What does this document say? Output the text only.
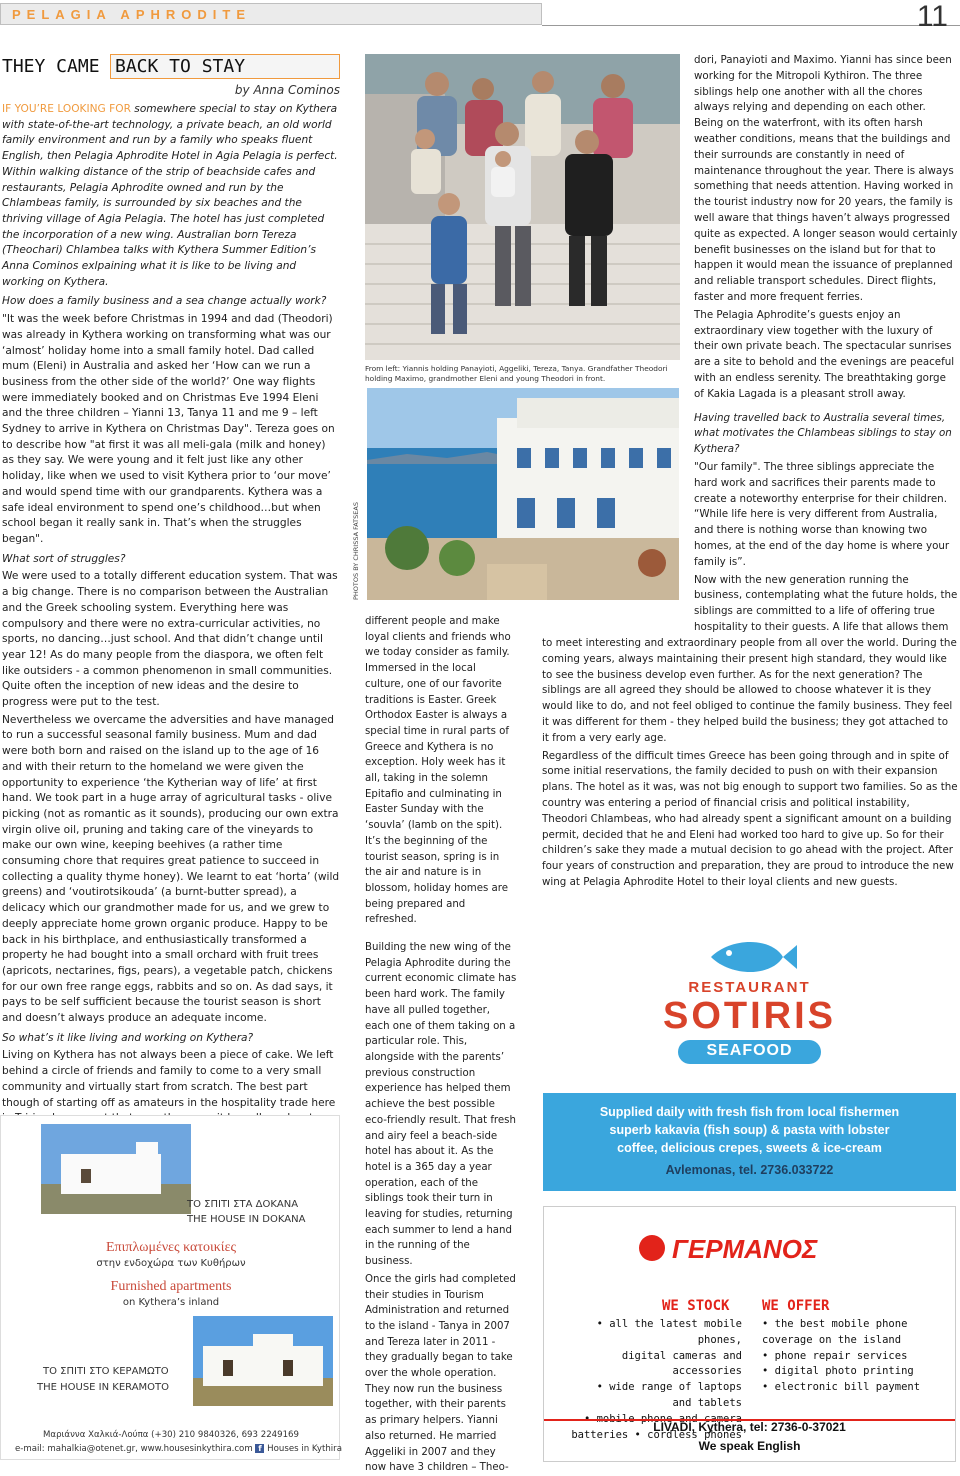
PELAGIA APHRODITE	11
THEY CAME BACK TO STAY
by Anna Cominos

IF YOU’RE LOOKING FOR somewhere special to stay on Kythera with state-of-the-art technology, a private beach, an old world family environment and run by a family who speaks fluent English, then Pelagia Aphrodite Hotel in Agia Pelagia is perfect. Within walking distance of the strip of beachside cafes and restaurants, Pelagia Aphrodite owned and run by the Chlambeas family, is surrounded by six beaches and the thriving village of Agia Pelagia. The hotel has just completed the incorporation of a new wing. Australian born Tereza (Theochari) Chlambea talks with Kythera Summer Edition’s Anna Cominos exlpaining what it is like to be living and working on Kythera.

How does a family business and a sea change actually work?

"It was the week before Christmas in 1994 and dad (Theodori) was already in Kythera working on transforming what was our ‘almost’ holiday home into a small family hotel. Dad called mum (Eleni) in Australia and asked her ‘How can we run a business from the other side of the world?’ One way flights were immediately booked and on Christmas Eve 1994 Eleni and the three children – Yianni 13, Tanya 11 and me 9 – left Sydney to arrive in Kythera on Christmas Day". Tereza goes on to describe how "at first it was all meli-gala (milk and honey) as they say. We were young and it felt just like any other holiday, like when we used to visit Kythera prior to ‘our move’ and would spend time with our grandparents. Kythera was a safe ideal environment to spend one’s childhood…but when school began it really sank in. That’s when the struggles began".

What sort of struggles?

We were used to a totally different education system. That was a big change. There is no comparison between the Australian and the Greek schooling system. Everything here was compulsory and there were no extra-curricular activities, no sports, no dancing…just school. And that didn’t change until year 12! As do many people from the diaspora, we often felt like outsiders - a common phenomenon in small communities. Quite often the inception of new ideas and the desire to progress were put to the test.

Nevertheless we overcame the adversities and have managed to run a successful seasonal family business. Mum and dad were both born and raised on the island up to the age of 16 and with their return to the homeland we were given the opportunity to experience ‘the Kytherian way of life’ at first hand. We took part in a huge array of agricultural tasks - olive picking (not as romantic as it sounds), producing our own extra virgin olive oil, pruning and taking care of the vineyards to make our own wine, keeping beehives (a rather time consuming chore that requires great patience to succeed in collecting a quality thyme honey). We learnt to eat ‘horta’ (wild greens) and ‘voutirotsikouda’ (a burnt-butter spread), a delicacy which our grandmother made for us, and we grew to deeply appreciate home grown organic produce. Happy to be back in his birthplace, and enthusiastically transformed a property he had bought into a small orchard with fruit trees (apricots, nectarines, figs, pears), a vegetable patch, chickens for our own free range eggs, rabbits and so on. As dad says, it pays to be self sufficient because the tourist season is short and doesn’t always produce an adequate income.

So what’s it like living and working on Kythera?

Living on Kythera has not always been a piece of cake. We left behind a circle of friends and family to come to a very small community and virtually start from scratch. The best part though of starting off as amateurs in the hospitality trade here

From left: Yiannis holding Panayioti, Aggeliki, Tereza, Tanya. Grandfather Theodori holding Maximo, grandmother Eleni and young Theodori in front.
PHOTOS BY CHRISSA FATSEAS

different people and make loyal clients and friends who we today consider as family. Immersed in the local culture, one of our favorite traditions is Easter. Greek Orthodox Easter is always a special time in rural parts of Greece and Kythera is no exception. Holy week has it all, taking in the solemn Epitafio and culminating in Easter Sunday with the ‘souvla’ (lamb on the spit). It’s the beginning of the tourist season, spring is in the air and nature is in blossom, holiday homes are being prepared and refreshed.

Building the new wing of the Pelagia Aphrodite during the current economic climate has been hard work. The family have all pulled together, each one of them taking on a particular role. This, alongside with the parents’ previous construction experience has helped them achieve the best possible eco-friendly result. That fresh and airy feel a beach-side hotel has about it. As the hotel is a 365 day a year operation, each of the siblings took their turn in leaving for studies, returning each summer to lend a hand in the running of the business.

Once the girls had completed their studies in Tourism Administration and returned to the island - Tanya in 2007 and Tereza later in 2011 - they gradually began to take over the whole operation. They now run the business together, with their parents as primary helpers. Yianni also returned. He married Aggeliki in 2007 and they now have 3 children – Theo-

dori, Panayioti and Maximo. Yianni has since been working for the Mitropoli Kythiron. The three siblings help one another with all the chores always relying and depending on each other. Being on the waterfront, with its often harsh weather conditions, means that the buildings and their surrounds are constantly in need of maintenance throughout the year. There is always something that needs attention. Having worked in the tourist industry now for 20 years, the family is well aware that things haven’t always progressed quite as expected. A longer season would certainly benefit businesses on the island but for that to happen it would mean the issuance of preplanned and reliable transport schedules. Direct flights, faster and more frequent ferries.

The Pelagia Aphrodite’s guests enjoy an extraordinary view together with the luxury of their own private beach. The spectacular sunrises are a site to behold and the evenings are peaceful with an endless serenity. The breathtaking gorge of Kakia Lagada is a pleasant stroll away.

Having travelled back to Australia several times, what motivates the Chlambeas siblings to stay on Kythera?

"Our family". The three siblings appreciate the hard work and sacrifices their parents made to create a noteworthy enterprise for their children. “While life here is very different from Australia, and there is nothing worse than knowing two homes, at the end of the day home is where your family is”.

Now with the new generation running the business, contemplating what the future holds, the siblings are committed to a life of offering true hospitality to their guests. A life that allows them

to meet interesting and extraordinary people from all over the world. During the coming years, always maintaining their present high standard, they would like to see the business develop even further. As for the next generation? The siblings are all agreed they should be allowed to choose whatever it is they would like to do, and not feel obliged to continue the family business. They feel it was different for them - they helped build the business; they got attached to it from a very early age.

Regardless of the difficult times Greece has been going through and in spite of some initial reservations, the family decided to push on with their expansion plans. The hotel as it was, was not big enough to support two families. So as the country was entering a period of financial crisis and political instability, Theodori Chlambeas, who had already spent a significant amount on a building permit, decided that he and Eleni had worked too hard to give up. So for their children’s sake they made a mutual decision to go ahead with the project. After four years of construction and preparation, they are proud to introduce the new wing at Pelagia Aphrodite Hotel to their loyal clients and new guests.

ΤΟ ΣΠΙΤΙ ΣΤΑ ΔΟΚΑΝΑ
THE HOUSE IN DOKANA
Επιπλωμένες κατοικίες
στην ενδοχώρα των Κυθήρων
Furnished apartments
on Kythera’s inland
ΤΟ ΣΠΙΤΙ ΣΤΟ ΚΕΡΑΜΩΤΟ
THE HOUSE IN KERAMOTO
Μαριάννα Χαλκιά-Λούπα (+30) 210 9840326, 693 2249169
e-mail: mahalkia@otenet.gr, www.housesinkythira.com f Houses in Kythira
RESTAURANT
SOTIRIS
SEAFOOD
Supplied daily with fresh fish from local fishermen
superb kakavia (fish soup) & pasta with lobster
coffee, delicious crepes, sweets & ice-cream
Avlemonas, tel. 2736.033722
ΓΕΡΜΑΝΟΣ
WE STOCK WE OFFER
• all the latest mobile phones,
digital cameras and accessories
• wide range of laptops
and tablets
batteries • cordless phones
• the best mobile phone
coverage on the island
• phone repair services
• digital photo printing
• electronic bill payment
LIVADI, Kythera, tel: 2736-0-37021
We speak English
